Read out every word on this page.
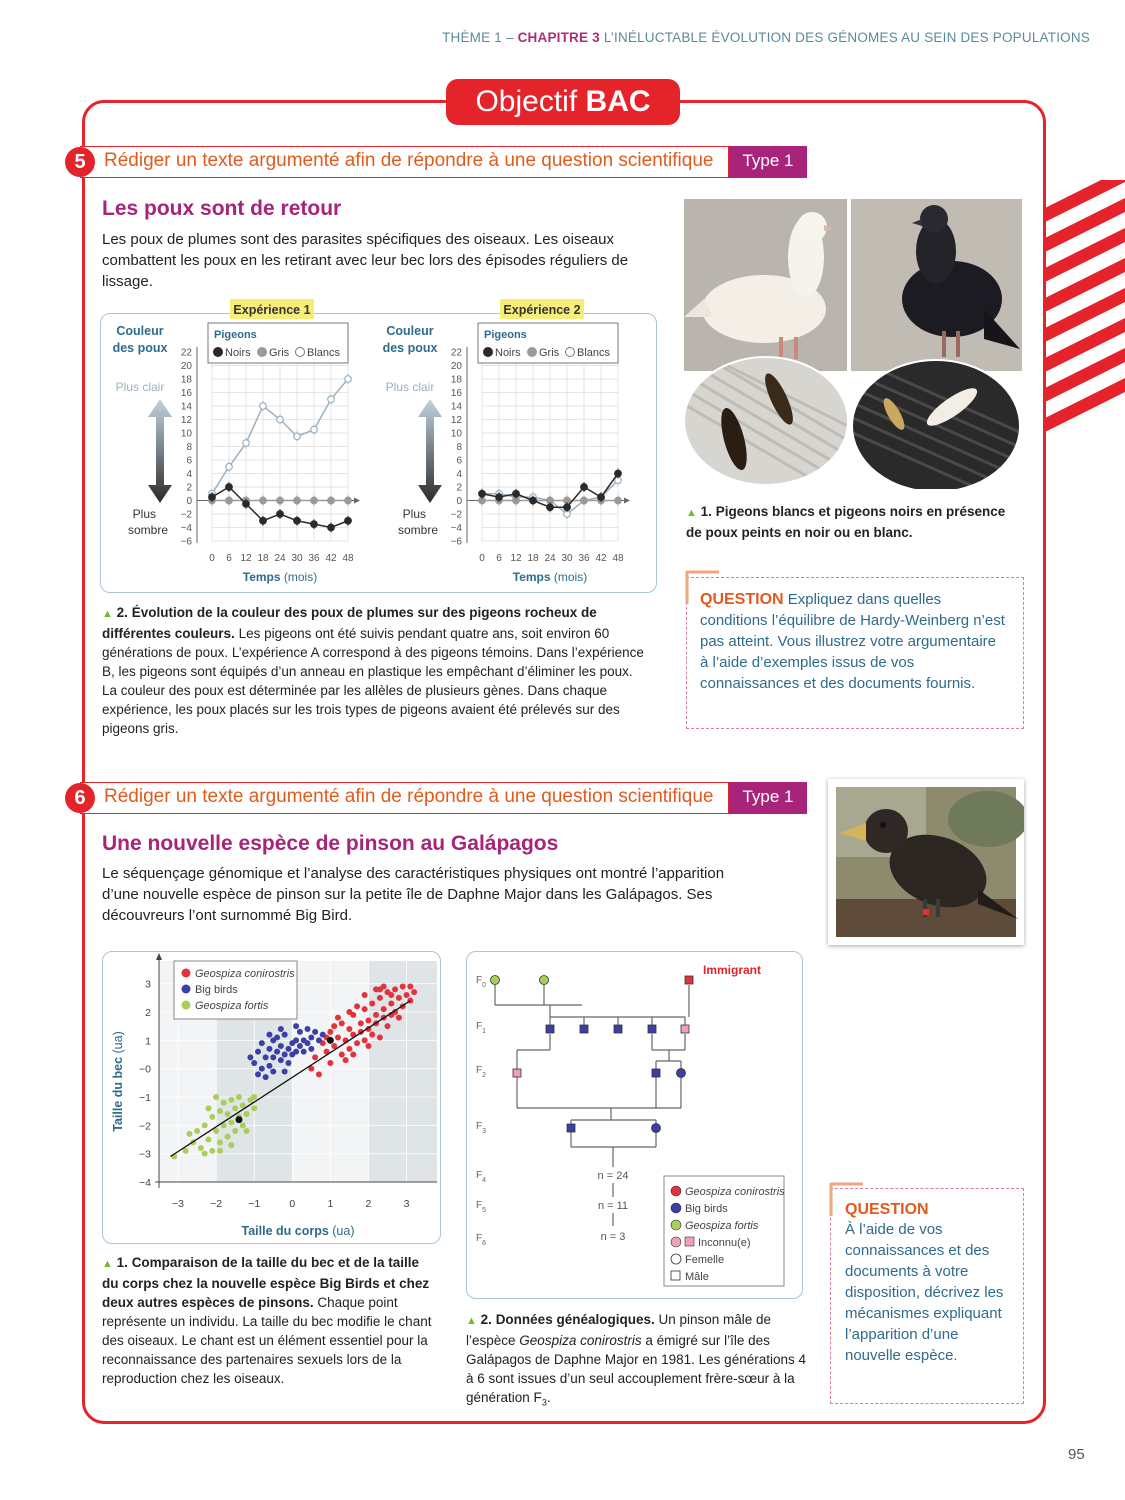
THÈME 1 – CHAPITRE 3 L’INÉLUCTABLE ÉVOLUTION DES GÉNOMES AU SEIN DES POPULATIONS
Objectif BAC
5 Rédiger un texte argumenté afin de répondre à une question scientifique	Type 1
Les poux sont de retour
Les poux de plumes sont des parasites spécifiques des oiseaux. Les oiseaux combattent les poux en les retirant avec leur bec lors des épisodes réguliers de lissage.
▲ 1. Pigeons blancs et pigeons noirs en présence de poux peints en noir ou en blanc.
Expérience 1
−6
−4
−2
0
2
4
6
8
10
12
14
16
18
20
22
0 6 12 18 24 30 36 42 48
Couleur
des poux
Plus clair
Plus
sombre
Temps (mois)
Pigeons
Noirs Gris Blancs
Expérience 2
−6
−4
−2
0
2
4
6
8
10
12
14
16
18
20
22
0 6 12 18 24 30 36 42 48
Couleur
des poux
Plus clair
Plus
sombre
Temps (mois)
Pigeons
Noirs Gris Blancs
▲ 2. Évolution de la couleur des poux de plumes sur des pigeons rocheux de différentes couleurs. Les pigeons ont été suivis pendant quatre ans, soit environ 60 générations de poux. L’expérience A correspond à des pigeons témoins. Dans l’expérience B, les pigeons sont équipés d’un anneau en plastique les empêchant d’éliminer les poux. La couleur des poux est déterminée par les allèles de plusieurs gènes. Dans chaque expérience, les poux placés sur les trois types de pigeons avaient été prélevés sur des pigeons gris.
QUESTION Expliquez dans quelles conditions l’équilibre de Hardy-Weinberg n’est pas atteint. Vous illustrez votre argumentaire à l’aide d’exemples issus de vos connaissances et des documents fournis.
6 Rédiger un texte argumenté afin de répondre à une question scientifique	Type 1
Une nouvelle espèce de pinson au Galápagos
Le séquençage génomique et l’analyse des caractéristiques physiques ont montré l’apparition d’une nouvelle espèce de pinson sur la petite île de Daphne Major dans les Galápagos. Ses découvreurs l’ont surnommé Big Bird.
−3 −2 −1	0	1	2	3
−4
−3
−2
−1
−0
1
2
3
Taille du corps (ua)
Taille du bec (ua)
Geospiza conirostris
Big birds
Geospiza fortis
▲ 1. Comparaison de la taille du bec et de la taille du corps chez la nouvelle espèce Big Birds et chez deux autres espèces de pinsons. Chaque point représente un individu. La taille du bec modifie le chant des oiseaux. Le chant est un élément essentiel pour la reconnaissance des partenaires sexuels lors de la reproduction chez les oiseaux.
$F_0$
$F_1$
$F_2$
$F_3$
$F_4$
$F_5$
$F_6$
Immigrant
n = 24
n = 11
n = 3
Geospiza conirostris
Big birds
Geospiza fortis
Inconnu(e)
Femelle
Mâle
▲ 2. Données généalogiques. Un pinson mâle de l’espèce Geospiza conirostris a émigré sur l’île des Galápagos de Daphne Major en 1981. Les générations 4 à 6 sont issues d’un seul accouplement frère-sœur à la génération $F_3$.
QUESTION
À l’aide de vos connaissances et des documents à votre disposition, décrivez les mécanismes expliquant l’apparition d’une nouvelle espèce.
95
